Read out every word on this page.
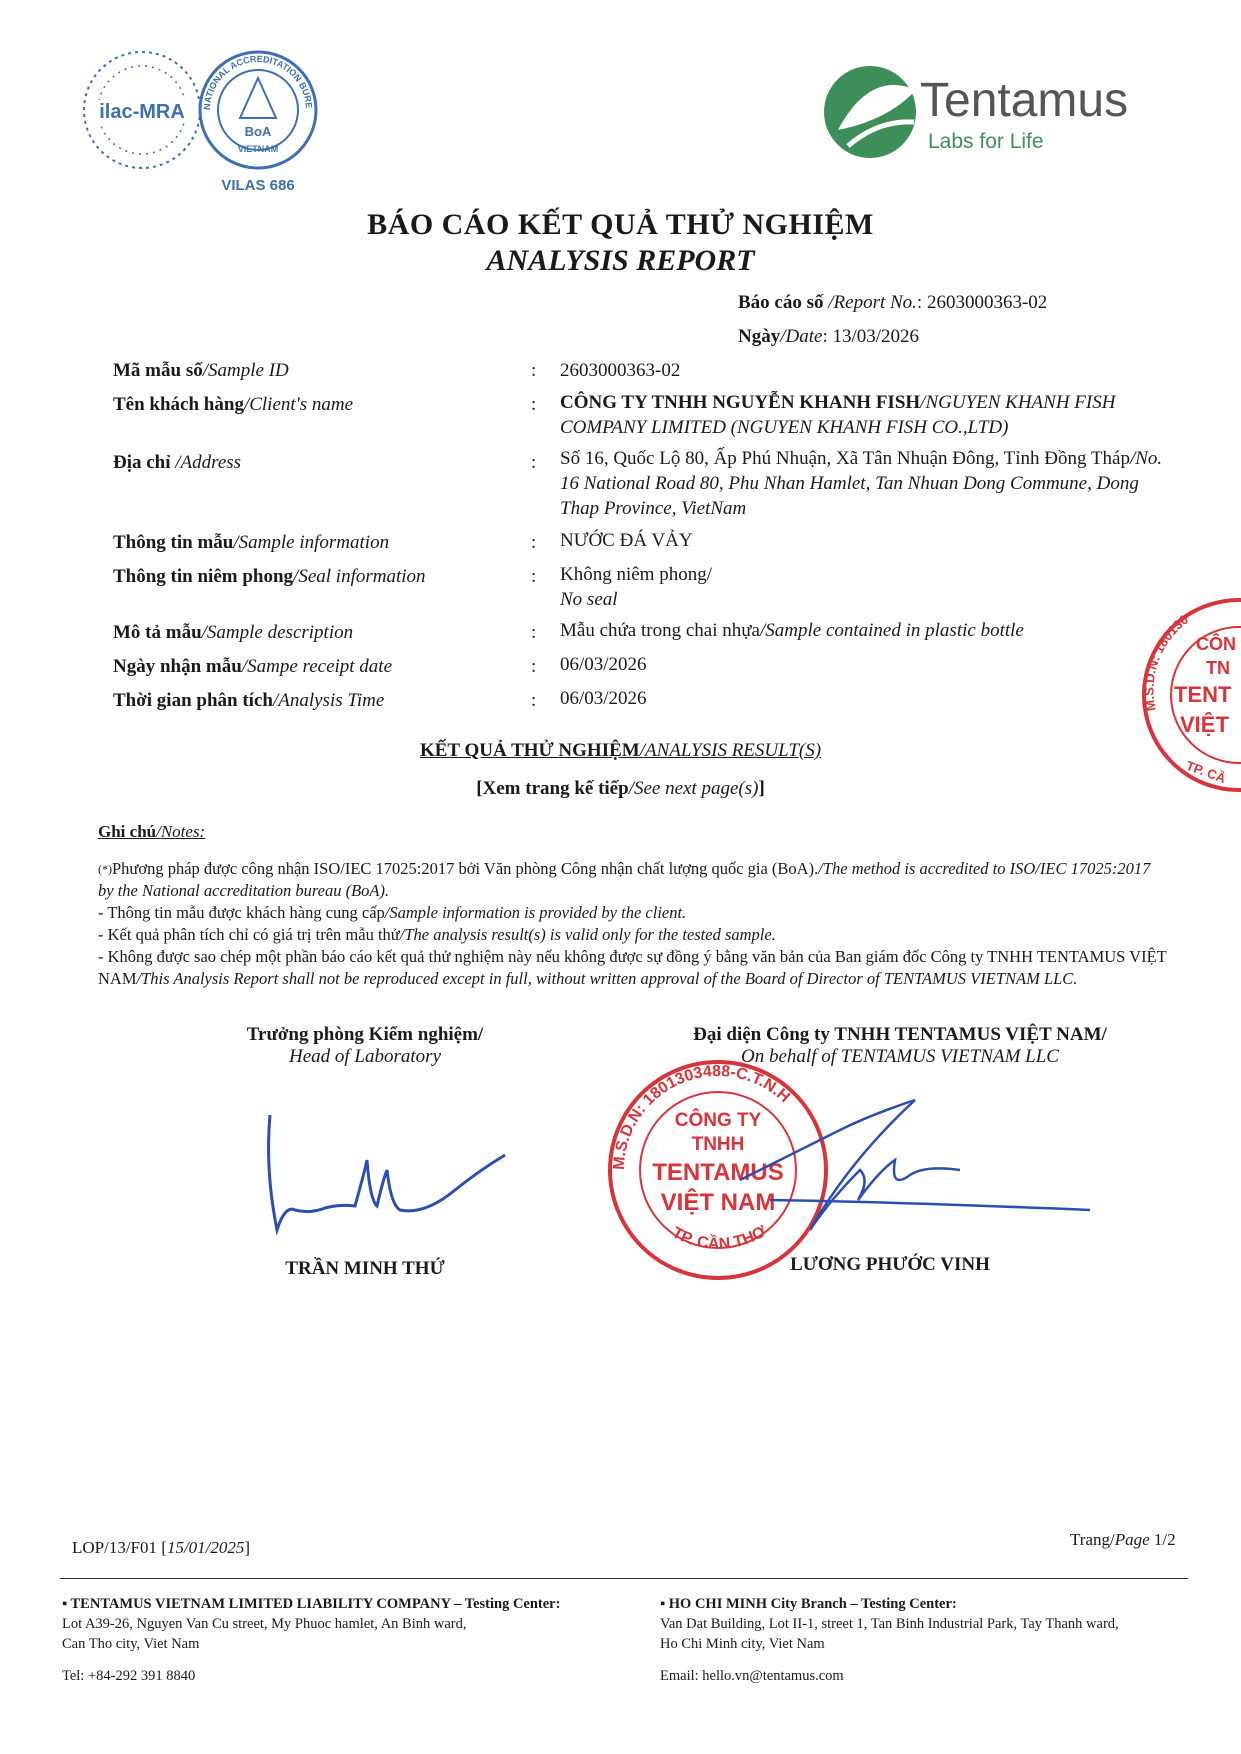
ilac-MRA	NATIONAL ACCREDITATION BURE
BoA
VIETNAM
VILAS 686
Tentamus
Labs for Life
BÁO CÁO KẾT QUẢ THỬ NGHIỆM
ANALYSIS REPORT
Báo cáo số /Report No.: 2603000363-02
Ngày/Date: 13/03/2026
Mã mẫu số/Sample ID	: 2603000363-02
Tên khách hàng/Client's name	: CÔNG TY TNHH NGUYỄN KHANH FISH/NGUYEN KHANH FISH COMPANY LIMITED (NGUYEN KHANH FISH CO.,LTD)
Địa chỉ /Address	: Số 16, Quốc Lộ 80, Ấp Phú Nhuận, Xã Tân Nhuận Đông, Tỉnh Đồng Tháp/No. 16 National Road 80, Phu Nhan Hamlet, Tan Nhuan Dong Commune, Dong Thap Province, VietNam
Thông tin mẫu/Sample information	: NƯỚC ĐÁ VẢY
Thông tin niêm phong/Seal information	: Không niêm phong/
No seal
Mô tả mẫu/Sample description	: Mẫu chứa trong chai nhựa/Sample contained in plastic bottle
Ngày nhận mẫu/Sampe receipt date	: 06/03/2026
Thời gian phân tích/Analysis Time	: 06/03/2026
KẾT QUẢ THỬ NGHIỆM/ANALYSIS RESULT(S)
[Xem trang kế tiếp/See next page(s)]
Ghi chú/Notes:
(*)Phương pháp được công nhận ISO/IEC 17025:2017 bởi Văn phòng Công nhận chất lượng quốc gia (BoA)./The method is accredited to ISO/IEC 17025:2017 by the National accreditation bureau (BoA).
- Thông tin mẫu được khách hàng cung cấp/Sample information is provided by the client.
- Kết quả phân tích chỉ có giá trị trên mẫu thử/The analysis result(s) is valid only for the tested sample.
- Không được sao chép một phần báo cáo kết quả thử nghiệm này nếu không được sự đồng ý bằng văn bản của Ban giám đốc Công ty TNHH TENTAMUS VIỆT NAM/This Analysis Report shall not be reproduced except in full, without written approval of the Board of Director of TENTAMUS VIETNAM LLC.
Trưởng phòng Kiểm nghiệm/
Head of Laboratory
Đại diện Công ty TNHH TENTAMUS VIỆT NAM/
On behalf of TENTAMUS VIETNAM LLC
M.S.D.N: 1801303488-C.T.N.H
TP. CẦN THƠ
CÔNG TY
TNHH
TENTAMUS
VIỆT NAM
TRẦN MINH THỨ	LƯƠNG PHƯỚC VINH
M.S.D.N: 180130
CÔN
TN
TENT
VIỆT
TP. CẦ
LOP/13/F01 [15/01/2025]	Trang/Page 1/2
▪ TENTAMUS VIETNAM LIMITED LIABILITY COMPANY – Testing Center:
Lot A39-26, Nguyen Van Cu street, My Phuoc hamlet, An Binh ward,
Can Tho city, Viet Nam
Tel: +84-292 391 8840
▪ HO CHI MINH City Branch – Testing Center:
Van Dat Building, Lot II-1, street 1, Tan Binh Industrial Park, Tay Thanh ward,
Ho Chi Minh city, Viet Nam
Email: hello.vn@tentamus.com
